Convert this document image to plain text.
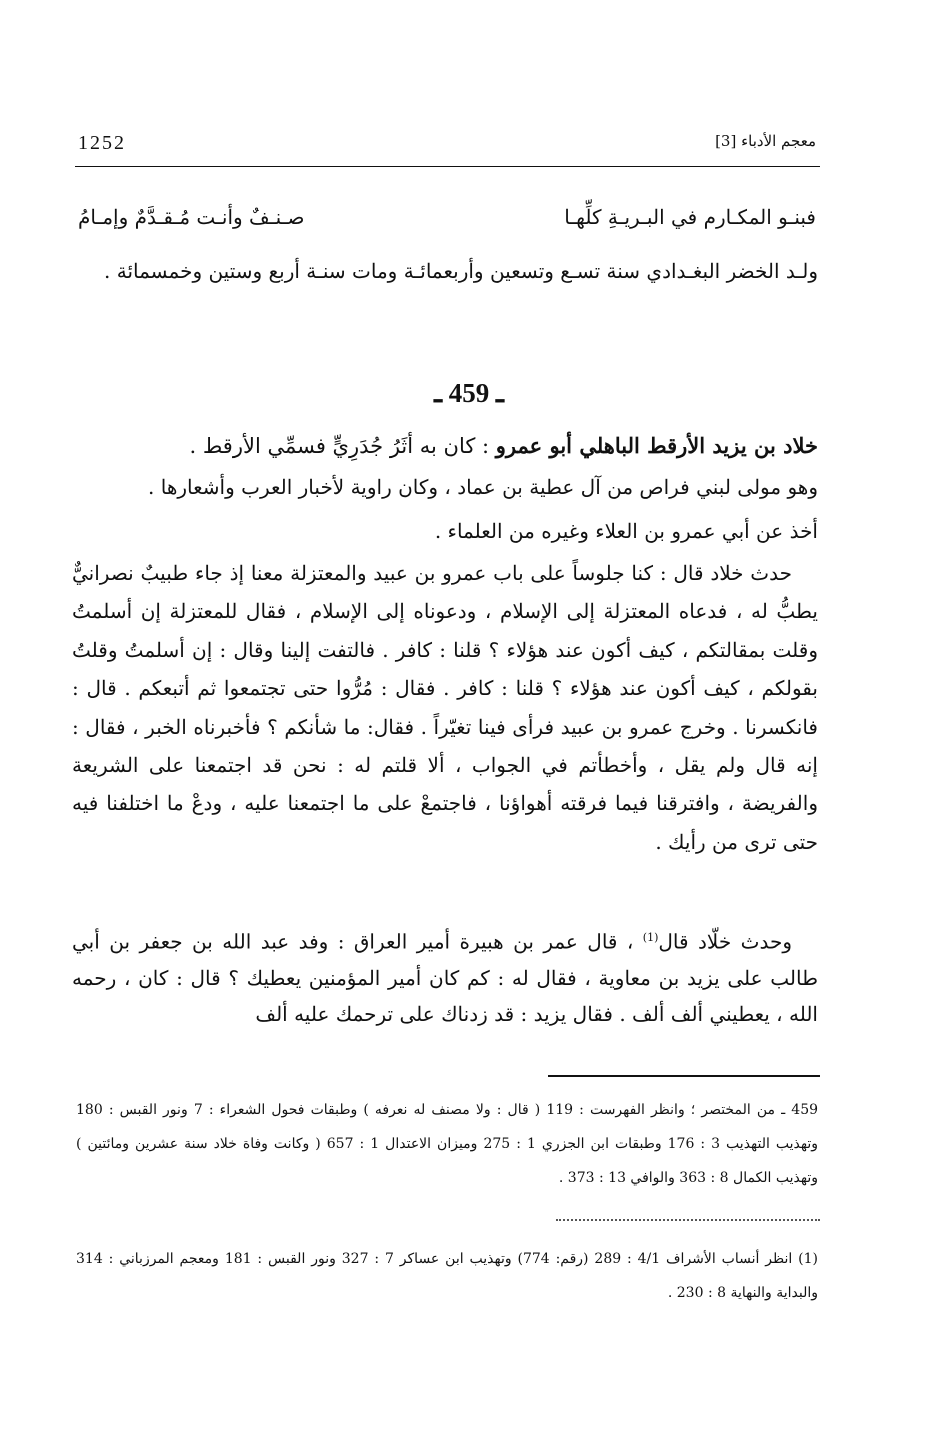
1252	معجم الأدباء [3]
فبنـو المكـارم في البـريـةِ كلِّهـا
صـنـفٌ وأنـت مُـقـدَّمٌ وإمـامُ
ولـد الخضر البغـدادي سنة تسـع وتسعين وأربعمائـة ومات سنـة أربع وستين وخمسمائة .
ـ 459 ـ
خلاد بن يزيد الأرقط الباهلي أبو عمرو : كان به أثَرُ جُدَرِيٍّ فسمِّي الأرقط .
وهو مولى لبني فراص من آل عطية بن عماد ، وكان راوية لأخبار العرب وأشعارها .
أخذ عن أبي عمرو بن العلاء وغيره من العلماء .
حدث خلاد قال : كنا جلوساً على باب عمرو بن عبيد والمعتزلة معنا إذ جاء طبيبٌ نصرانيٌّ يطبُّ له ، فدعاه المعتزلة إلى الإسلام ، ودعوناه إلى الإسلام ، فقال للمعتزلة إن أسلمتُ وقلت بمقالتكم ، كيف أكون عند هؤلاء ؟ قلنا : كافر . فالتفت إلينا وقال : إن أسلمتُ وقلتُ بقولكم ، كيف أكون عند هؤلاء ؟ قلنا : كافر . فقال : مُرُّوا حتى تجتمعوا ثم أتبعكم . قال : فانكسرنا . وخرج عمرو بن عبيد فرأى فينا تغيّراً . فقال: ما شأنكم ؟ فأخبرناه الخبر ، فقال : إنه قال ولم يقل ، وأخطأتم في الجواب ، ألا قلتم له : نحن قد اجتمعنا على الشريعة والفريضة ، وافترقنا فيما فرقته أهواؤنا ، فاجتمعْ على ما اجتمعنا عليه ، ودعْ ما اختلفنا فيه حتى ترى من رأيك .
وحدث خلّاد قال$^{(1)}$ ، قال عمر بن هبيرة أمير العراق : وفد عبد الله بن جعفر بن أبي طالب على يزيد بن معاوية ، فقال له : كم كان أمير المؤمنين يعطيك ؟ قال : كان ، رحمه الله ، يعطيني ألف ألف . فقال يزيد : قد زدناك على ترحمك عليه ألف
459 ـ من المختصر ؛ وانظر الفهرست : 119 ( قال : ولا مصنف له نعرفه ) وطبقات فحول الشعراء : 7 ونور القبس : 180 وتهذيب التهذيب 3 : 176 وطبقات ابن الجزري 1 : 275 وميزان الاعتدال 1 : 657 ( وكانت وفاة خلاد سنة عشرين ومائتين ) وتهذيب الكمال 8 : 363 والوافي 13 : 373 .
(1) انظر أنساب الأشراف 4/1 : 289 (رقم: 774) وتهذيب ابن عساكر 7 : 327 ونور القبس : 181 ومعجم المرزباني : 314 والبداية والنهاية 8 : 230 .
